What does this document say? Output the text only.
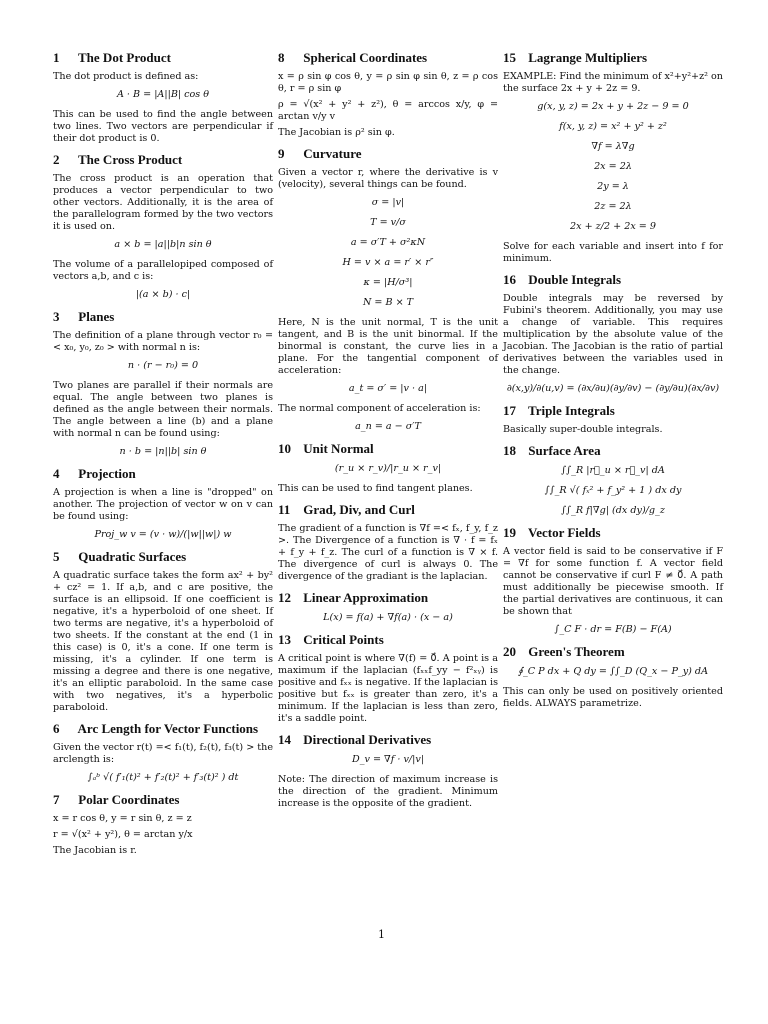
1 The Dot Product
The dot product is defined as:
A · B = |A||B| cos θ
This can be used to find the angle between two lines. Two vectors are perpendicular if their dot product is 0.
2 The Cross Product
The cross product is an operation that produces a vector perpendicular to two other vectors. Additionally, it is the area of the parallelogram formed by the two vectors it is used on.
a × b = |a||b|n sin θ
The volume of a parallelopiped composed of vectors a,b, and c is:
|(a × b) · c|
3 Planes
The definition of a plane through vector r₀ =< x₀, y₀, z₀ > with normal n is:
n · (r − r₀) = 0
Two planes are parallel if their normals are equal. The angle between two planes is defined as the angle between their normals. The angle between a line (b) and a plane with normal n can be found using:
n · b = |n||b| sin θ
4 Projection
A projection is when a line is "dropped" on another. The projection of vector w on v can be found using:
Proj_w v = (v · w)/(|w||w|) w
5 Quadratic Surfaces
A quadratic surface takes the form ax² + by² + cz² = 1. If a,b, and c are positive, the surface is an ellipsoid. If one coefficient is negative, it's a hyperboloid of one sheet. If two terms are negative, it's a hyperboloid of two sheets. If the constant at the end (1 in this case) is 0, it's a cone. If one term is missing, it's a cylinder. If one term is missing a degree and there is one negative, it's an elliptic paraboloid. In the same case with two negatives, it's a hyperbolic paraboloid.
6 Arc Length for Vector Functions
Given the vector r(t) =< f₁(t), f₂(t), f₃(t) > the arclength is:
∫ₐᵇ √( f′₁(t)² + f′₂(t)² + f′₃(t)² ) dt
7 Polar Coordinates
x = r cos θ, y = r sin θ, z = z
r = √(x² + y²), θ = arctan y/x
The Jacobian is r.
8 Spherical Coordinates
x = ρ sin φ cos θ, y = ρ sin φ sin θ, z = ρ cos θ, r = ρ sin φ
ρ = √(x² + y² + z²), θ = arccos x/y, φ = arctan v/y v
The Jacobian is ρ² sin φ.
9 Curvature
Given a vector r, where the derivative is v (velocity), several things can be found.
σ = |v|
T = v/σ
a = σ′T + σ²κN
H = v × a = r′ × r″
κ = |H/σ³|
N = B × T
Here, N is the unit normal, T is the unit tangent, and B is the unit binormal. If the binormal is constant, the curve lies in a plane. For the tangential component of acceleration:
a_t = σ′ = |v · a|
The normal component of acceleration is:
a_n = a − σ′T
10 Unit Normal
(r_u × r_v)/|r_u × r_v|
This can be used to find tangent planes.
11 Grad, Div, and Curl
The gradient of a function is ∇f =< fₓ, f_y, f_z >. The Divergence of a function is ∇ · f = fₓ + f_y + f_z. The curl of a function is ∇ × f. The divergence of curl is always 0. The divergence of the gradiant is the laplacian.
12 Linear Approximation
L(x) = f(a) + ∇f(a) · (x − a)
13 Critical Points
A critical point is where ∇(f) = 0⃗. A point is a maximum if the laplacian (fₓₓf_yy − f²ₓᵧ) is positive and fₓₓ is negative. If the laplacian is positive but fₓₓ is greater than zero, it's a minimum. If the laplacian is less than zero, it's a saddle point.
14 Directional Derivatives
D_v = ∇f · v/|v|
Note: The direction of maximum increase is the direction of the gradient. Minimum increase is the opposite of the gradient.
15 Lagrange Multipliers
EXAMPLE: Find the minimum of x²+y²+z² on the surface 2x + y + 2z = 9.
g(x, y, z) = 2x + y + 2z − 9 = 0
f(x, y, z) = x² + y² + z²
∇f = λ∇g
2x = 2λ
2y = λ
2z = 2λ
2x + z/2 + 2x = 9
Solve for each variable and insert into f for minimum.
16 Double Integrals
Double integrals may be reversed by Fubini's theorem. Additionally, you may use a change of variable. This requires multiplication by the absolute value of the Jacobian. The Jacobian is the ratio of partial derivatives between the variables used in the change.
∂(x,y)/∂(u,v) = (∂x/∂u)(∂y/∂v) − (∂y/∂u)(∂x/∂v)
17 Triple Integrals
Basically super-double integrals.
18 Surface Area
∫∫_R |r⃗_u × r⃗_v| dA
∫∫_R √( fₓ² + f_y² + 1 ) dx dy
∫∫_R f|∇g| (dx dy)/g_z
19 Vector Fields
A vector field is said to be conservative if F = ∇f for some function f. A vector field cannot be conservative if curl F ≠ 0⃗. A path must additionally be piecewise smooth. If the partial derivatives are continuous, it can be shown that
∫_C F · dr = F(B) − F(A)
20 Green's Theorem
∮_C P dx + Q dy = ∫∫_D (Q_x − P_y) dA
This can only be used on positively oriented fields. ALWAYS parametrize.
1
